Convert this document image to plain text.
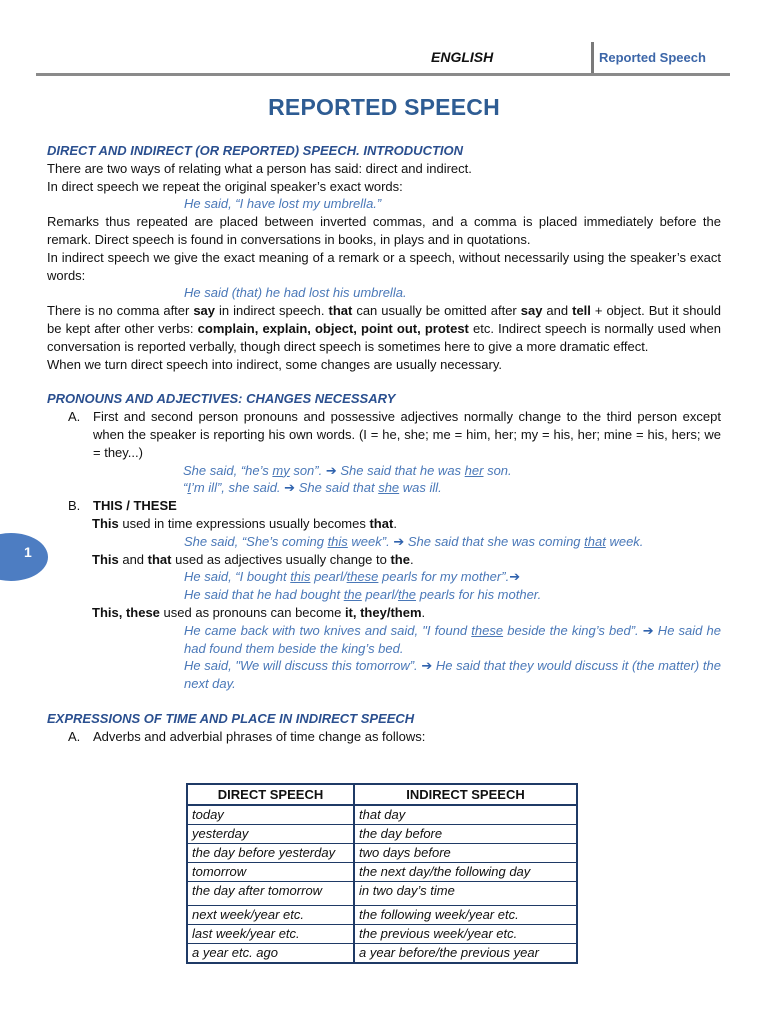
ENGLISH	Reported Speech
REPORTED SPEECH
1

DIRECT AND INDIRECT (OR REPORTED) SPEECH. INTRODUCTION

There are two ways of relating what a person has said: direct and indirect.

In direct speech we repeat the original speaker’s exact words:

He said, “I have lost my umbrella.”

Remarks thus repeated are placed between inverted commas, and a comma is placed immediately before the remark. Direct speech is found in conversations in books, in plays and in quotations.

In indirect speech we give the exact meaning of a remark or a speech, without necessarily using the speaker’s exact words:

He said (that) he had lost his umbrella.

There is no comma after say in indirect speech. that can usually be omitted after say and tell + object. But it should be kept after other verbs: complain, explain, object, point out, protest etc. Indirect speech is normally used when conversation is reported verbally, though direct speech is sometimes here to give a more dramatic effect.

When we turn direct speech into indirect, some changes are usually necessary.

PRONOUNS AND ADJECTIVES: CHANGES NECESSARY

A. First and second person pronouns and possessive adjectives normally change to the third person except when the speaker is reporting his own words. (I = he, she; me = him, her; my = his, her; mine = his, hers; we = they...)

She said, “he’s my son”. ➔ She said that he was her son.

“I’m ill”, she said. ➔ She said that she was ill.

B. THIS / THESE

This used in time expressions usually becomes that.

She said, “She’s coming this week”. ➔ She said that she was coming that week.

This and that used as adjectives usually change to the.

He said, “I bought this pearl/these pearls for my mother”.➔

He said that he had bought the pearl/the pearls for his mother.

This, these used as pronouns can become it, they/them.

He came back with two knives and said, "I found these beside the king’s bed”. ➔ He said he had found them beside the king’s bed.

He said, "We will discuss this tomorrow”. ➔ He said that they would discuss it (the matter) the next day.

EXPRESSIONS OF TIME AND PLACE IN INDIRECT SPEECH

A. Adverbs and adverbial phrases of time change as follows:

DIRECT SPEECH	INDIRECT SPEECH
today	that day
yesterday	the day before
the day before yesterday	two days before
tomorrow	the next day/the following day
the day after tomorrow	in two day’s time
next week/year etc.	the following week/year etc.
last week/year etc.	the previous week/year etc.
a year etc. ago	a year before/the previous year
